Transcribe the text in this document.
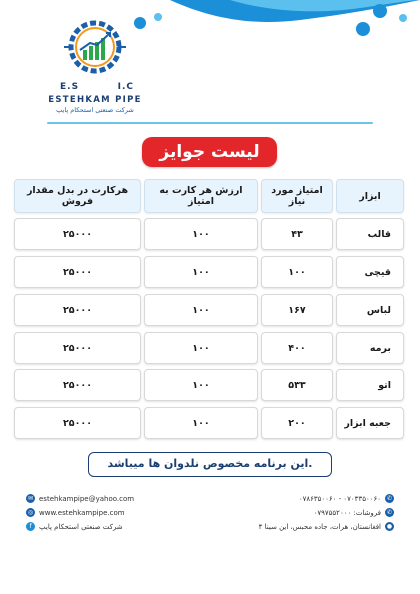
E.S	I.C
ESTEHKAM PIPE
شرکت صنعتی استحکام پایپ
لیست جوایز
ابزار
امتیاز مورد نیاز
ارزش هر کارت به امتیاز
هرکارت در بدل مقدار فروش
قالب
۴۳
۱۰۰
۲۵۰۰۰
قیچی
۱۰۰
۱۰۰
۲۵۰۰۰
لباس
۱۶۷
۱۰۰
۲۵۰۰۰
برمه
۴۰۰
۱۰۰
۲۵۰۰۰
اتو
۵۳۳
۱۰۰
۲۵۰۰۰
جعبه ابزار
۲۰۰
۱۰۰
۲۵۰۰۰
این برنامه مخصوص نلدوان ها میباشد.
✉ estehkampipe@yahoo.com
◎ www.estehkampipe.com
f	شرکت صنعتی استحکام پایپ
۰۷۸۶۳۵۰۰۶۰ - ۰۷۰۳۳۵۰۰۶۰ ✆
فروشات: ۰۷۹۷۵۵۲۰۰۰ ✆
افغانستان، هرات، جاده محبس، این سینا ۴ ●
